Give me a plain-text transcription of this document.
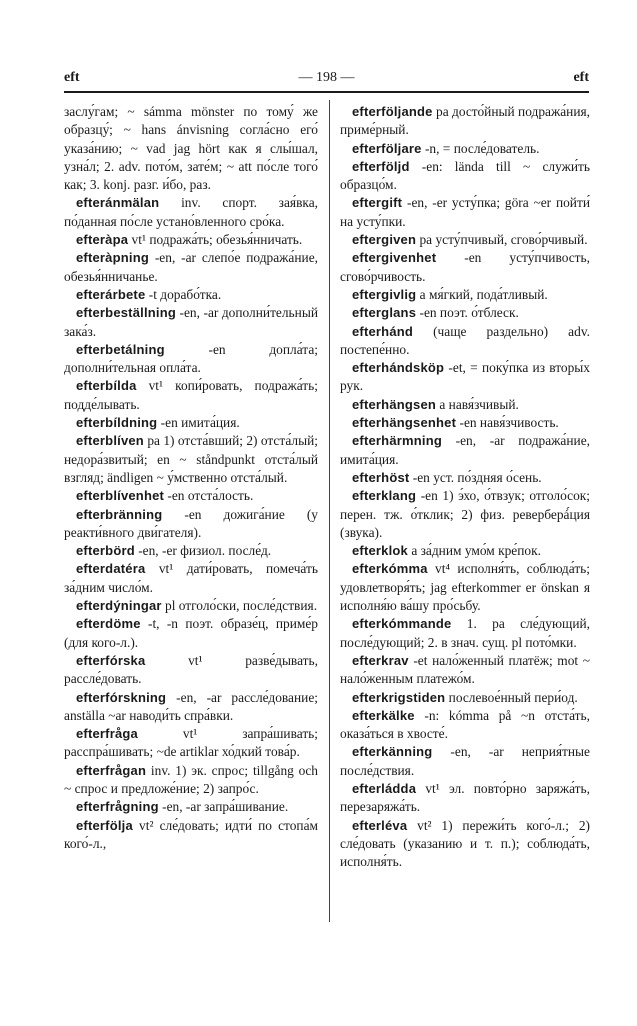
eft	— 198 —	eft

заслу́гам; ~ sámma mönster по тому́ же образцу́; ~ hans ánvisning согла́сно его́ указа́нию; ~ vad jag hört как я слы́шал, узна́л; 2. adv. пото́м, зате́м; ~ att по́сле того́ как; 3. konj. разг. и́бо, раз.

efteránmälan inv. спорт. зая́вка, по́данная по́сле устано́вленного сро́ка.

efteràpa vt¹ подража́ть; обезья́нничать.

efteràpning -en, -ar слепо́е подража́ние, обезья́нничанье.

efterárbete -t дорабо́тка.

efterbeställning -en, -ar дополни́тельный зака́з.

efterbetálning -en допла́та; дополни́тельная опла́та.

efterbílda vt¹ копи́ровать, подража́ть; подде́лывать.

efterbíldning -en имита́ция.

efterblíven pa 1) отста́вший; 2) отста́лый; недора́звитый; en ~ ståndpunkt отста́лый взгляд; ändligen ~ у́мственно отста́лый.

efterblívenhet -en отста́лость.

efterbränning -en дожига́ние (у реакти́вного дви́гателя).

efterbörd -en, -er физиол. после́д.

efterdatéra vt¹ дати́ровать, помеча́ть за́дним число́м.

efterdýningar pl отголо́ски, после́дствия.

efterdöme -t, -n поэт. образе́ц, приме́р (для кого-л.).

efterfórska vt¹ разве́дывать, рассле́довать.

efterfórskning -en, -ar рассле́дование; anställa ~ar наводи́ть спра́вки.

efterfråga vt¹ запра́шивать; расспра́шивать; ~de artiklar хо́дкий това́р.

efterfrågan inv. 1) эк. спрос; tillgång och ~ спрос и предложе́ние; 2) запро́с.

efterfrågning -en, -ar запра́шивание.

efterfölja vt² сле́довать; идти́ по стопа́м кого́-л.,

efterföljande pa досто́йный подража́ния, приме́рный.

efterföljare -n, = после́дователь.

efterföljd -en: lända till ~ служи́ть образцо́м.

eftergift -en, -er усту́пка; göra ~er пойти́ на усту́пки.

eftergiven pa усту́пчивый, сгово́рчивый.

eftergivenhet -en усту́пчивость, сгово́рчивость.

eftergivlig a мя́гкий, пода́тливый.

efterglans -en поэт. о́тблеск.

efterhánd (чаще раздельно) adv. постепе́нно.

efterhándsköp -et, = поку́пка из вторы́х рук.

efterhängsen a навя́зчивый.

efterhängsenhet -en навя́зчивость.

efterhärmning -en, -ar подража́ние, имита́ция.

efterhöst -en уст. по́здняя о́сень.

efterklang -en 1) э́хо, о́твзук; отголо́сок; перен. тж. о́тклик; 2) физ. реверберá́ция (звука).

efterklok a за́дним умо́м кре́пок.

efterkómma vt⁴ исполня́ть, соблюда́ть; удовлетворя́ть; jag efterkommer er önskan я исполня́ю ва́шу про́сьбу.

efterkómmande 1. pa сле́дующий, после́дующий; 2. в знач. сущ. pl пото́мки.

efterkrav -et нало́женный платёж; mot ~ нало́женным платежо́м.

efterkrigstiden послевое́нный пери́од.

efterkälke -n: kómma på ~n отста́ть, оказа́ться в хвосте́.

efterkänning -en, -ar неприя́тные после́дствия.

efterládda vt¹ эл. повто́рно заряжа́ть, перезаряжа́ть.

efterléva vt² 1) пережи́ть кого́-л.; 2) сле́довать (указанию и т. п.); соблюда́ть, исполня́ть.
